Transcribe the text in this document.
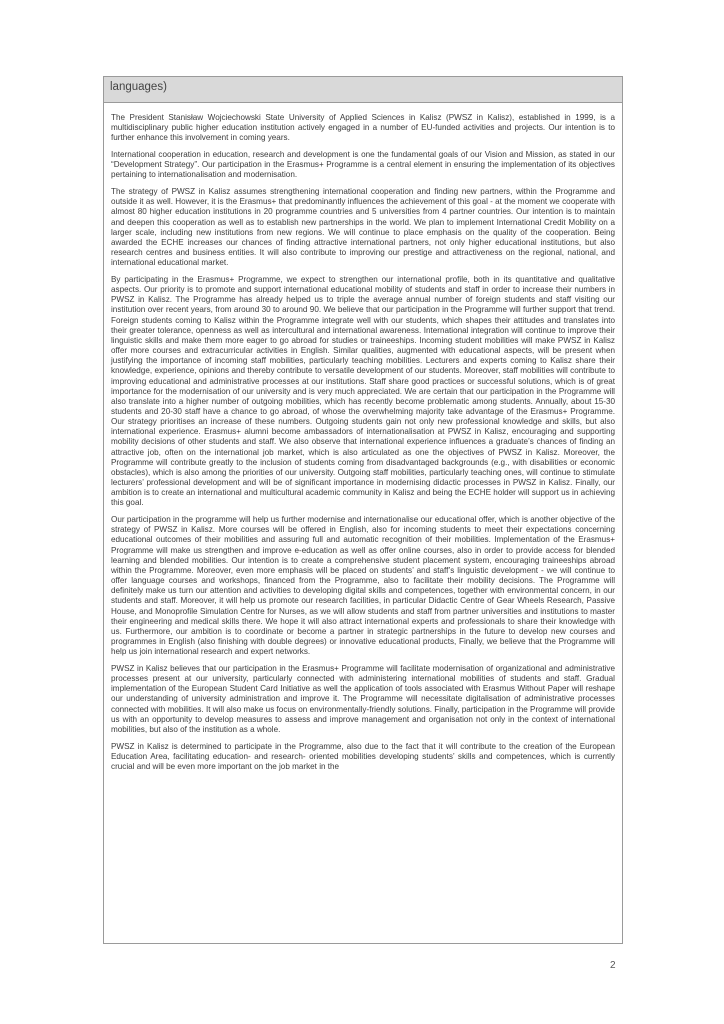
languages)

The President Stanisław Wojciechowski State University of Applied Sciences in Kalisz (PWSZ in Kalisz), established in 1999, is a multidisciplinary public higher education institution actively engaged in a number of EU-funded activities and projects. Our intention is to further enhance this involvement in coming years.

International cooperation in education, research and development is one the fundamental goals of our Vision and Mission, as stated in our “Development Strategy”. Our participation in the Erasmus+ Programme is a central element in ensuring the implementation of its objectives pertaining to internationalisation and modernisation.

The strategy of PWSZ in Kalisz assumes strengthening international cooperation and finding new partners, within the Programme and outside it as well. However, it is the Erasmus+ that predominantly influences the achievement of this goal - at the moment we cooperate with almost 80 higher education institutions in 20 programme countries and 5 universities from 4 partner countries. Our intention is to maintain and deepen this cooperation as well as to establish new partnerships in the world. We plan to implement International Credit Mobility on a larger scale, including new institutions from new regions. We will continue to place emphasis on the quality of the cooperation. Being awarded the ECHE increases our chances of finding attractive international partners, not only higher educational institutions, but also research centres and business entities. It will also contribute to improving our prestige and attractiveness on the regional, national, and international educational market.

By participating in the Erasmus+ Programme, we expect to strengthen our international profile, both in its quantitative and qualitative aspects. Our priority is to promote and support international educational mobility of students and staff in order to increase their numbers in PWSZ in Kalisz. The Programme has already helped us to triple the average annual number of foreign students and staff visiting our institution over recent years, from around 30 to around 90. We believe that our participation in the Programme will further support that trend. Foreign students coming to Kalisz within the Programme integrate well with our students, which shapes their attitudes and translates into their greater tolerance, openness as well as intercultural and international awareness. International integration will continue to improve their linguistic skills and make them more eager to go abroad for studies or traineeships. Incoming student mobilities will make PWSZ in Kalisz offer more courses and extracurricular activities in English. Similar qualities, augmented with educational aspects, will be present when justifying the importance of incoming staff mobilities, particularly teaching mobilities. Lecturers and experts coming to Kalisz share their knowledge, experience, opinions and thereby contribute to versatile development of our students. Moreover, staff mobilities will contribute to improving educational and administrative processes at our institutions. Staff share good practices or successful solutions, which is of great importance for the modernisation of our university and is very much appreciated. We are certain that our participation in the Programme will also translate into a higher number of outgoing mobilities, which has recently become problematic among students. Annually, about 15-30 students and 20-30 staff have a chance to go abroad, of whose the overwhelming majority take advantage of the Erasmus+ Programme. Our strategy prioritises an increase of these numbers. Outgoing students gain not only new professional knowledge and skills, but also international experience. Erasmus+ alumni become ambassadors of internationalisation at PWSZ in Kalisz, encouraging and supporting mobility decisions of other students and staff. We also observe that international experience influences a graduate’s chances of finding an attractive job, often on the international job market, which is also articulated as one the objectives of PWSZ in Kalisz. Moreover, the Programme will contribute greatly to the inclusion of students coming from disadvantaged backgrounds (e.g., with disabilities or economic obstacles), which is also among the priorities of our university. Outgoing staff mobilities, particularly teaching ones, will continue to stimulate lecturers’ professional development and will be of significant importance in modernising didactic processes in PWSZ in Kalisz. Finally, our ambition is to create an international and multicultural academic community in Kalisz and being the ECHE holder will support us in achieving this goal.

Our participation in the programme will help us further modernise and internationalise our educational offer, which is another objective of the strategy of PWSZ in Kalisz. More courses will be offered in English, also for incoming students to meet their expectations concerning educational outcomes of their mobilities and assuring full and automatic recognition of their mobilities. Implementation of the Erasmus+ Programme will make us strengthen and improve e-education as well as offer online courses, also in order to provide access for blended learning and blended mobilities. Our intention is to create a comprehensive student placement system, encouraging traineeships abroad within the Programme. Moreover, even more emphasis will be placed on students’ and staff’s linguistic development - we will continue to offer language courses and workshops, financed from the Programme, also to facilitate their mobility decisions. The Programme will definitely make us turn our attention and activities to developing digital skills and competences, together with environmental concern, in our students and staff. Moreover, it will help us promote our research facilities, in particular Didactic Centre of Gear Wheels Research, Passive House, and Monoprofile Simulation Centre for Nurses, as we will allow students and staff from partner universities and institutions to master their engineering and medical skills there. We hope it will also attract international experts and professionals to share their knowledge with us. Furthermore, our ambition is to coordinate or become a partner in strategic partnerships in the future to develop new courses and programmes in English (also finishing with double degrees) or innovative educational products, Finally, we believe that the Programme will help us join international research and expert networks.

PWSZ in Kalisz believes that our participation in the Erasmus+ Programme will facilitate modernisation of organizational and administrative processes present at our university, particularly connected with administering international mobilities of students and staff. Gradual implementation of the European Student Card Initiative as well the application of tools associated with Erasmus Without Paper will reshape our understanding of university administration and improve it. The Programme will necessitate digitalisation of administrative processes connected with mobilities. It will also make us focus on environmentally-friendly solutions. Finally, participation in the Programme will provide us with an opportunity to develop measures to assess and improve management and organisation not only in the context of international mobilities, but also of the institution as a whole.

PWSZ in Kalisz is determined to participate in the Programme, also due to the fact that it will contribute to the creation of the European Education Area, facilitating education- and research- oriented mobilities developing students’ skills and competences, which is currently crucial and will be even more important on the job market in the

2
